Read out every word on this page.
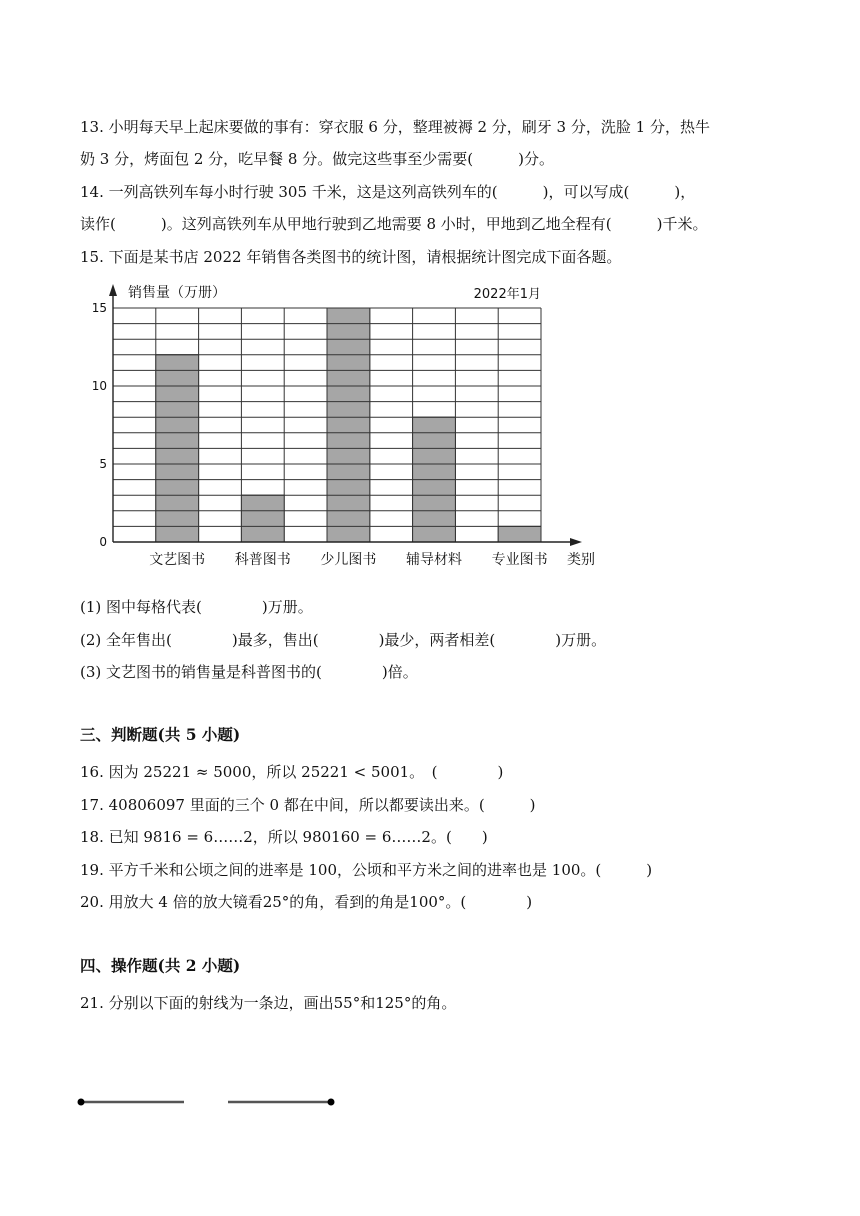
13. 小明每天早上起床要做的事有：穿衣服 6 分，整理被褥 2 分，刷牙 3 分，洗脸 1 分，热牛
奶 3 分，烤面包 2 分，吃早餐 8 分。做完这些事至少需要(　　　)分。
14. 一列高铁列车每小时行驶 305 千米，这是这列高铁列车的(　　　)，可以写成(　　　)，
读作(　　　)。这列高铁列车从甲地行驶到乙地需要 8 小时，甲地到乙地全程有(　　　)千米。
15. 下面是某书店 2022 年销售各类图书的统计图，请根据统计图完成下面各题。
0
5
10
15
文艺图书 科普图书 少儿图书 辅导材料 专业图书
销售量（万册）
类别
2022年1月
(1) 图中每格代表(　　　　)万册。
(2) 全年售出(　　　　)最多，售出(　　　　)最少，两者相差(　　　　)万册。
(3) 文艺图书的销售量是科普图书的(　　　　)倍。
三、判断题(共 5 小题)
16. 因为 25221 ≈ 5000，所以 25221 < 5001。　(　　　　)
17. 40806097 里面的三个 0 都在中间，所以都要读出来。(　　　)
18. 已知 9816 = 6……2，所以 980160 = 6……2。(　　)
19. 平方千米和公顷之间的进率是 100，公顷和平方米之间的进率也是 100。(　　　)
20. 用放大 4 倍的放大镜看25°的角，看到的角是100°。(　　　　)
四、操作题(共 2 小题)
21. 分别以下面的射线为一条边，画出55°和125°的角。
